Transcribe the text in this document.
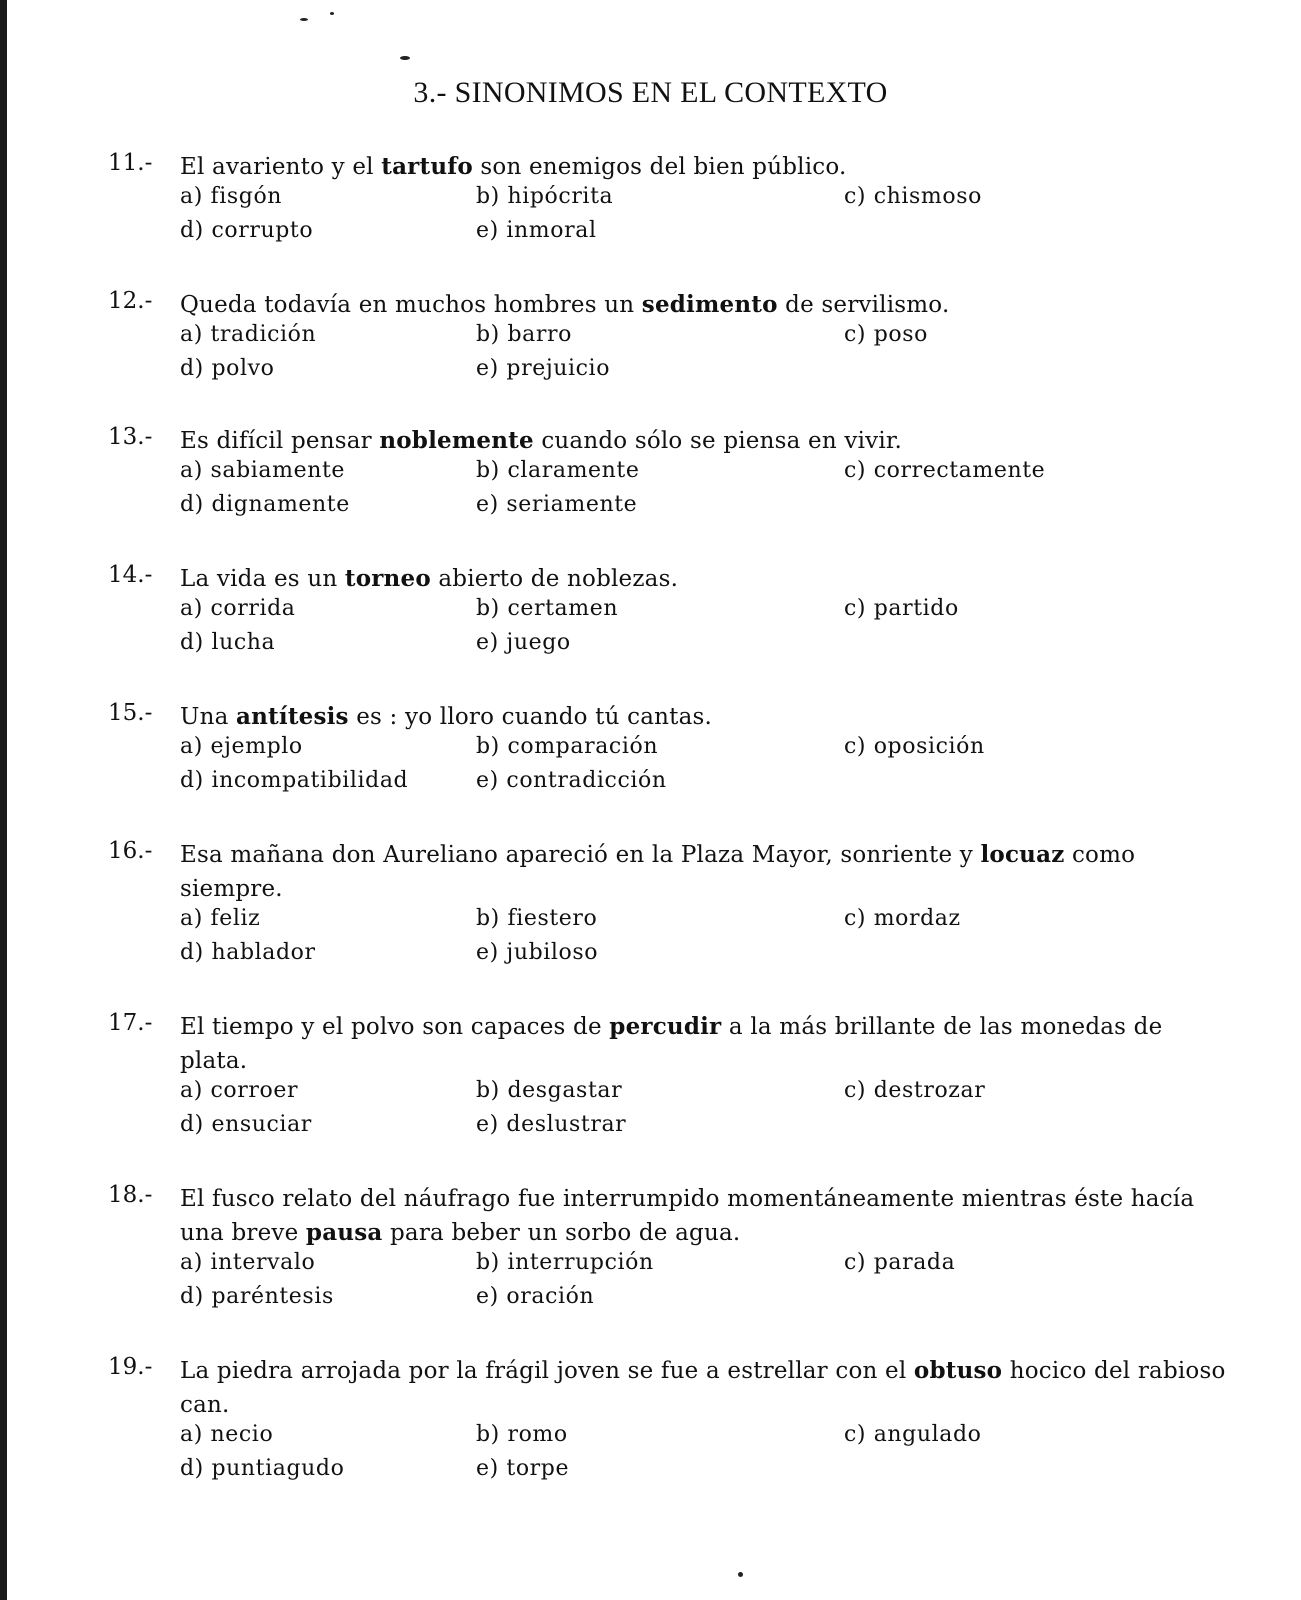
3.- SINONIMOS EN EL CONTEXTO
11.- El avariento y el tartufo son enemigos del bien público.
a) fisgón	b) hipócrita	c) chismoso
d) corrupto	e) inmoral
12.- Queda todavía en muchos hombres un sedimento de servilismo.
a) tradición	b) barro	c) poso
d) polvo	e) prejuicio
13.- Es difícil pensar noblemente cuando sólo se piensa en vivir.
a) sabiamente	b) claramente	c) correctamente
d) dignamente	e) seriamente
14.- La vida es un torneo abierto de noblezas.
a) corrida	b) certamen	c) partido
d) lucha	e) juego
15.- Una antítesis es : yo lloro cuando tú cantas.
a) ejemplo	b) comparación	c) oposición
d) incompatibilidad	e) contradicción
16.- Esa mañana don Aureliano apareció en la Plaza Mayor, sonriente y locuaz como siempre.
a) feliz	b) fiestero	c) mordaz
d) hablador	e) jubiloso
17.- El tiempo y el polvo son capaces de percudir a la más brillante de las monedas de plata.
a) corroer	b) desgastar	c) destrozar
d) ensuciar	e) deslustrar
18.- El fusco relato del náufrago fue interrumpido momentáneamente mientras éste hacía una breve pausa para beber un sorbo de agua.
a) intervalo	b) interrupción	c) parada
d) paréntesis	e) oración
19.- La piedra arrojada por la frágil joven se fue a estrellar con el obtuso hocico del rabioso can.
a) necio	b) romo	c) angulado
d) puntiagudo	e) torpe
